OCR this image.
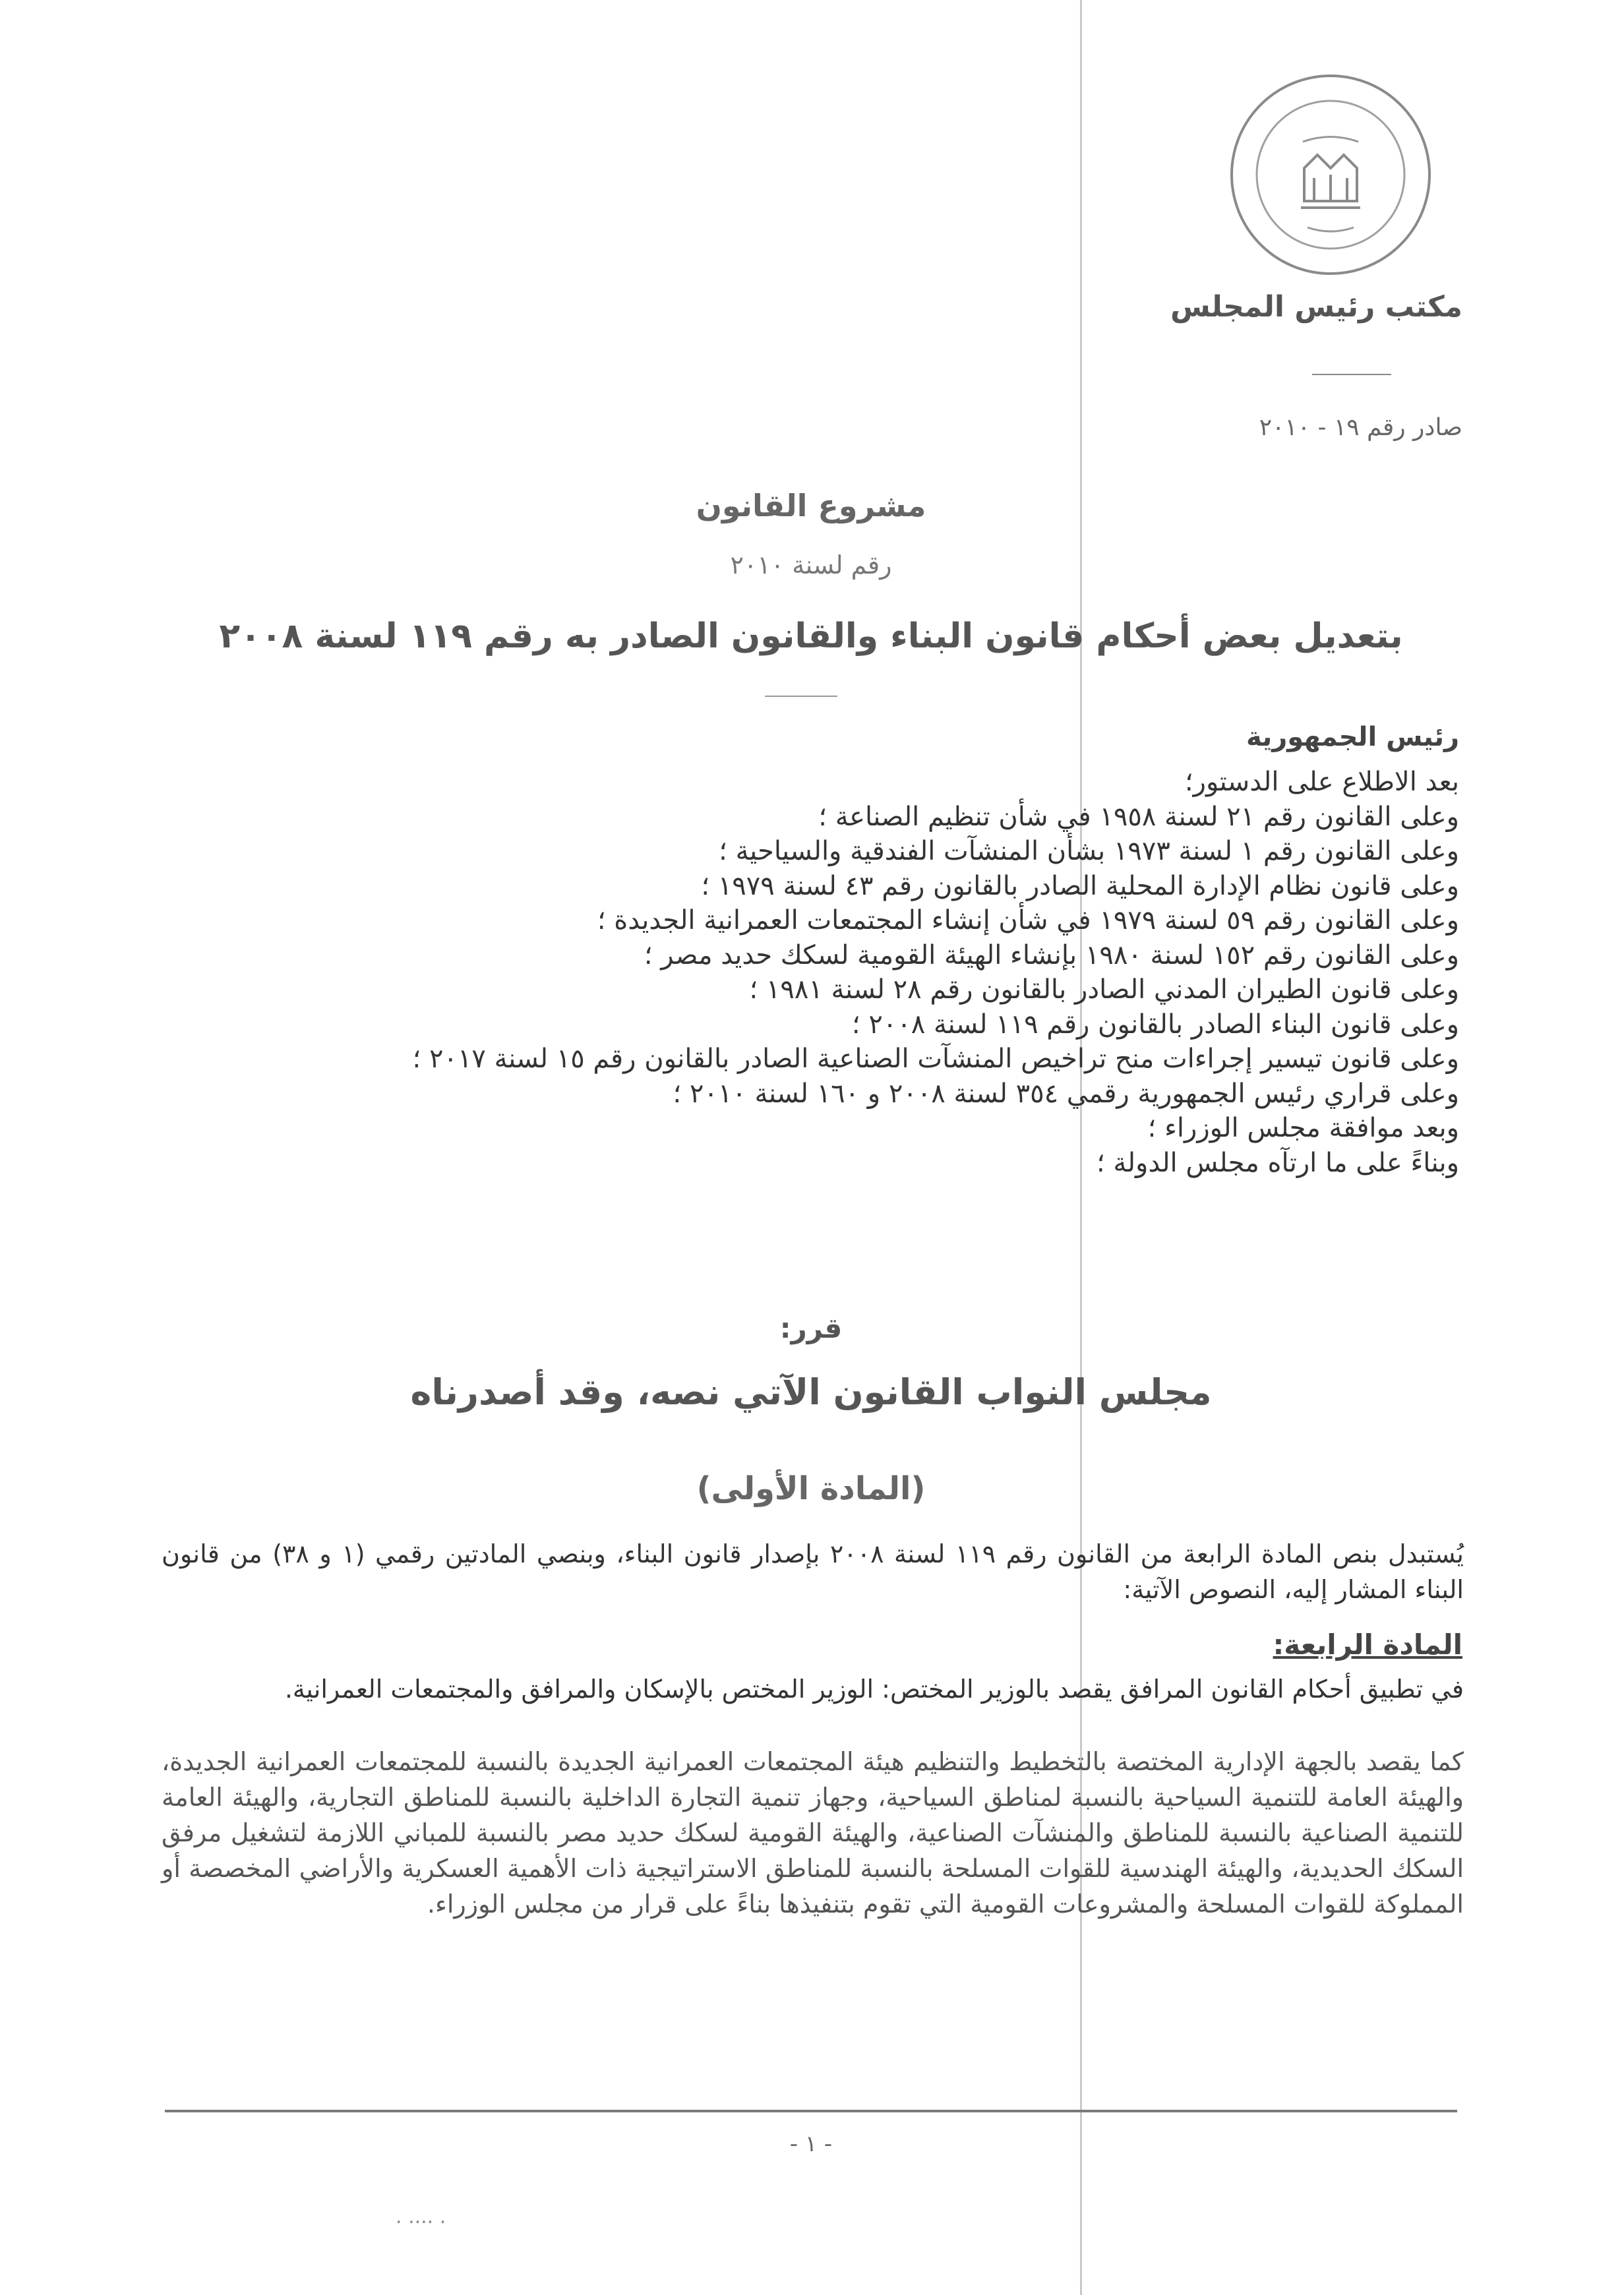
مكتب رئيس المجلس
صادر رقم ١٩ - ٢٠١٠
مشروع القانون
رقم لسنة ٢٠١٠
بتعديل بعض أحكام قانون البناء والقانون الصادر به رقم ١١٩ لسنة ٢٠٠٨
رئيس الجمهورية
بعد الاطلاع على الدستور؛
وعلى القانون رقم ٢١ لسنة ١٩٥٨ في شأن تنظيم الصناعة ؛
وعلى القانون رقم ١ لسنة ١٩٧٣ بشأن المنشآت الفندقية والسياحية ؛
وعلى قانون نظام الإدارة المحلية الصادر بالقانون رقم ٤٣ لسنة ١٩٧٩ ؛
وعلى القانون رقم ٥٩ لسنة ١٩٧٩ في شأن إنشاء المجتمعات العمرانية الجديدة ؛
وعلى القانون رقم ١٥٢ لسنة ١٩٨٠ بإنشاء الهيئة القومية لسكك حديد مصر ؛
وعلى قانون الطيران المدني الصادر بالقانون رقم ٢٨ لسنة ١٩٨١ ؛
وعلى قانون البناء الصادر بالقانون رقم ١١٩ لسنة ٢٠٠٨ ؛
وعلى قانون تيسير إجراءات منح تراخيص المنشآت الصناعية الصادر بالقانون رقم ١٥ لسنة ٢٠١٧ ؛
وعلى قراري رئيس الجمهورية رقمي ٣٥٤ لسنة ٢٠٠٨ و ١٦٠ لسنة ٢٠١٠ ؛
وبعد موافقة مجلس الوزراء ؛
وبناءً على ما ارتآه مجلس الدولة ؛
قرر:
مجلس النواب القانون الآتي نصه، وقد أصدرناه
(المادة الأولى)

يُستبدل بنص المادة الرابعة من القانون رقم ١١٩ لسنة ٢٠٠٨ بإصدار قانون البناء، وبنصي المادتين رقمي (١ و ٣٨) من قانون البناء المشار إليه، النصوص الآتية:

المادة الرابعة:

في تطبيق أحكام القانون المرافق يقصد بالوزير المختص: الوزير المختص بالإسكان والمرافق والمجتمعات العمرانية.

كما يقصد بالجهة الإدارية المختصة بالتخطيط والتنظيم هيئة المجتمعات العمرانية الجديدة بالنسبة للمجتمعات العمرانية الجديدة، والهيئة العامة للتنمية السياحية بالنسبة لمناطق السياحية، وجهاز تنمية التجارة الداخلية بالنسبة للمناطق التجارية، والهيئة العامة للتنمية الصناعية بالنسبة للمناطق والمنشآت الصناعية، والهيئة القومية لسكك حديد مصر بالنسبة للمباني اللازمة لتشغيل مرفق السكك الحديدية، والهيئة الهندسية للقوات المسلحة بالنسبة للمناطق الاستراتيجية ذات الأهمية العسكرية والأراضي المخصصة أو المملوكة للقوات المسلحة والمشروعات القومية التي تقوم بتنفيذها بناءً على قرار من مجلس الوزراء.

- ١ -
. .... .
